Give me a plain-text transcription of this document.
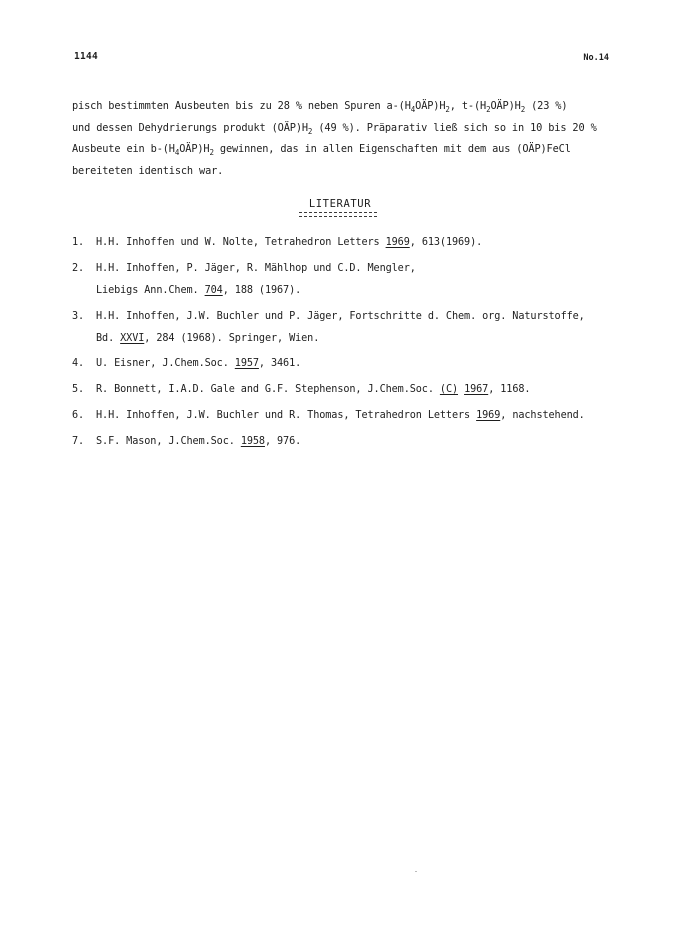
1144	No.14
pisch bestimmten Ausbeuten bis zu 28 % neben Spuren $a-(H_4OÄP)H_2$, $t-(H_2OÄP)H_2$ (23 %)
und dessen Dehydrierungs produkt $(OÄP)H_2$ (49 %). Präparativ ließ sich so in 10 bis 20 %
Ausbeute ein $b-(H_4OÄP)H_2$ gewinnen, das in allen Eigenschaften mit dem aus (OÄP)FeCl
bereiteten identisch war.
LITERATUR
1. H.H. Inhoffen und W. Nolte, Tetrahedron Letters 1969, 613(1969).
2. H.H. Inhoffen, P. Jäger, R. Mählhop und C.D. Mengler,
Liebigs Ann.Chem. 704, 188 (1967).
3. H.H. Inhoffen, J.W. Buchler und P. Jäger, Fortschritte d. Chem. org. Naturstoffe,
Bd. XXVI, 284 (1968). Springer, Wien.
4. U. Eisner, J.Chem.Soc. 1957, 3461.
5. R. Bonnett, I.A.D. Gale and G.F. Stephenson, J.Chem.Soc. (C) 1967, 1168.
6. H.H. Inhoffen, J.W. Buchler und R. Thomas, Tetrahedron Letters 1969, nachstehend.
7. S.F. Mason, J.Chem.Soc. 1958, 976.
